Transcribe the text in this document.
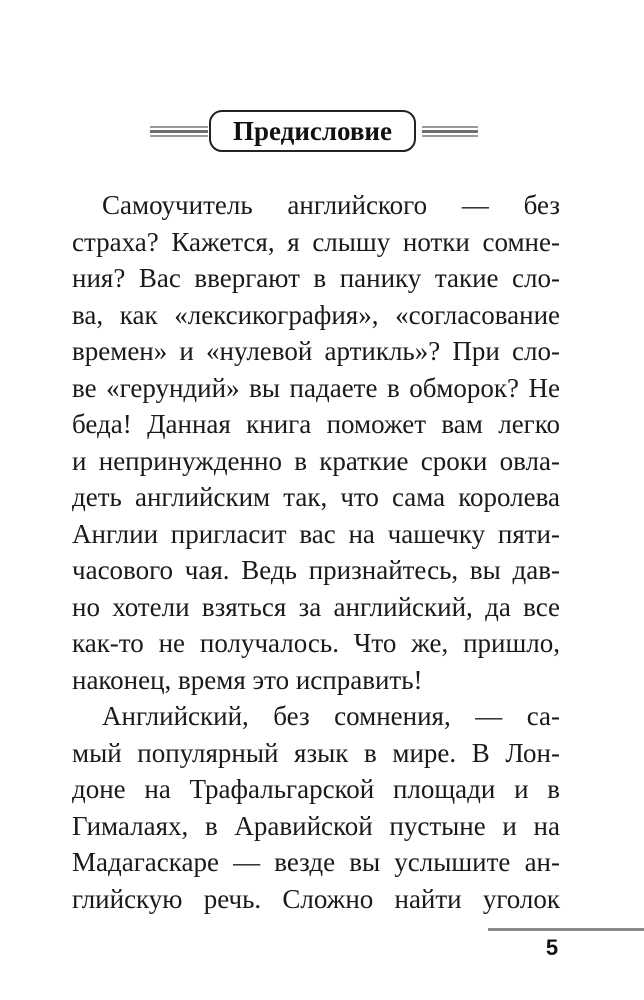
Предисловие
Самоучитель английского — без
страха? Кажется, я слышу нотки сомне-
ния? Вас ввергают в панику такие сло-
ва, как «лексикография», «согласование
времен» и «нулевой артикль»? При сло-
ве «герундий» вы падаете в обморок? Не
беда! Данная книга поможет вам легко
и непринужденно в краткие сроки овла-
деть английским так, что сама королева
Англии пригласит вас на чашечку пяти-
часового чая. Ведь признайтесь, вы дав-
но хотели взяться за английский, да все
как-то не получалось. Что же, пришло,
наконец, время это исправить!
Английский, без сомнения, — са-
мый популярный язык в мире. В Лон-
доне на Трафальгарской площади и в
Гималаях, в Аравийской пустыне и на
Мадагаскаре — везде вы услышите ан-
глийскую речь. Сложно найти уголок
5
